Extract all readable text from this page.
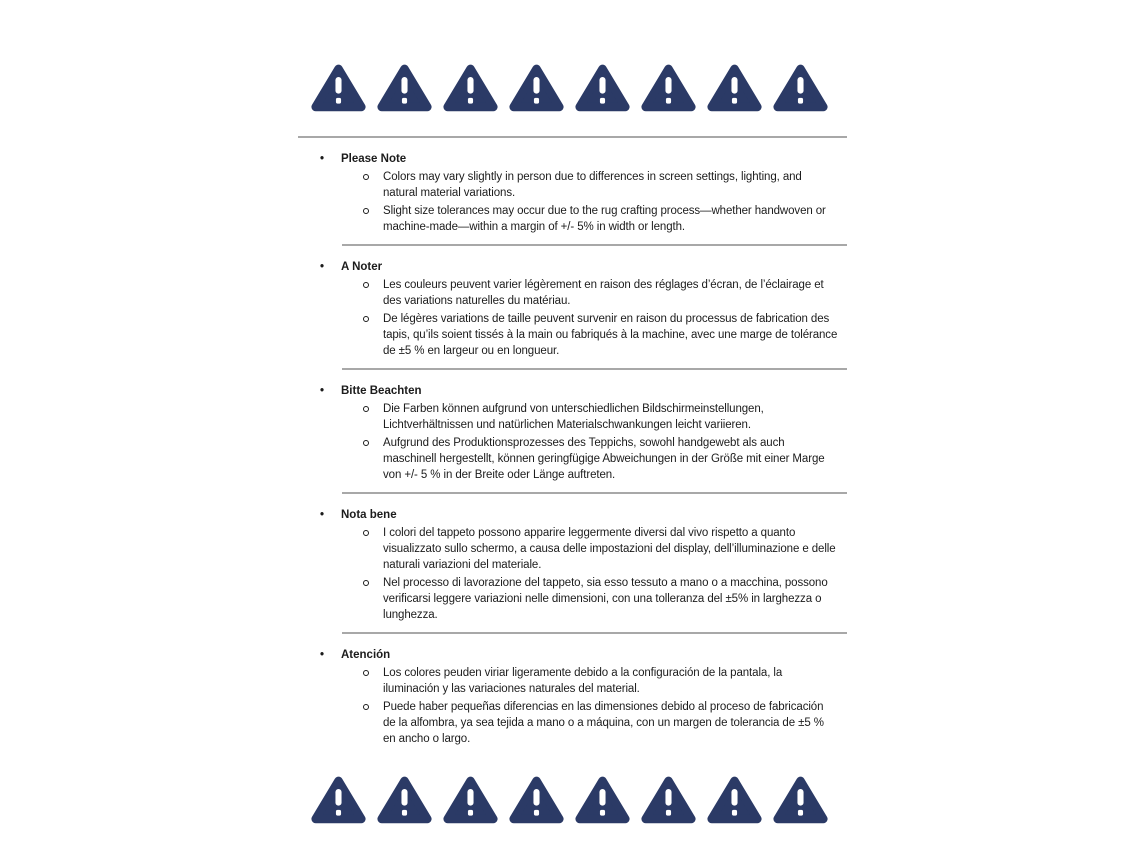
•	Please Note
Colors may vary slightly in person due to differences in screen settings, lighting, and natural material variations.
Slight size tolerances may occur due to the rug crafting process—whether handwoven or machine-made—within a margin of +/- 5% in width or length.
•	A Noter
Les couleurs peuvent varier légèrement en raison des réglages d’écran, de l’éclairage et des variations naturelles du matériau.
De légères variations de taille peuvent survenir en raison du processus de fabrication des tapis, qu’ils soient tissés à la main ou fabriqués à la machine, avec une marge de tolérance de ±5 % en largeur ou en longueur.
•	Bitte Beachten
Die Farben können aufgrund von unterschiedlichen Bildschirmeinstellungen, Lichtverhältnissen und natürlichen Materialschwankungen leicht variieren.
Aufgrund des Produktionsprozesses des Teppichs, sowohl handgewebt als auch maschinell hergestellt, können geringfügige Abweichungen in der Größe mit einer Marge von +/- 5 % in der Breite oder Länge auftreten.
•	Nota bene
I colori del tappeto possono apparire leggermente diversi dal vivo rispetto a quanto visualizzato sullo schermo, a causa delle impostazioni del display, dell’illuminazione e delle naturali variazioni del materiale.
Nel processo di lavorazione del tappeto, sia esso tessuto a mano o a macchina, possono verificarsi leggere variazioni nelle dimensioni, con una tolleranza del ±5% in larghezza o lunghezza.
•	Atención
Los colores peuden viriar ligeramente debido a la configuración de la pantala, la iluminación y las variaciones naturales del material.
Puede haber pequeñas diferencias en las dimensiones debido al proceso de fabricación de la alfombra, ya sea tejida a mano o a máquina, con un margen de tolerancia de ±5 % en ancho o largo.
